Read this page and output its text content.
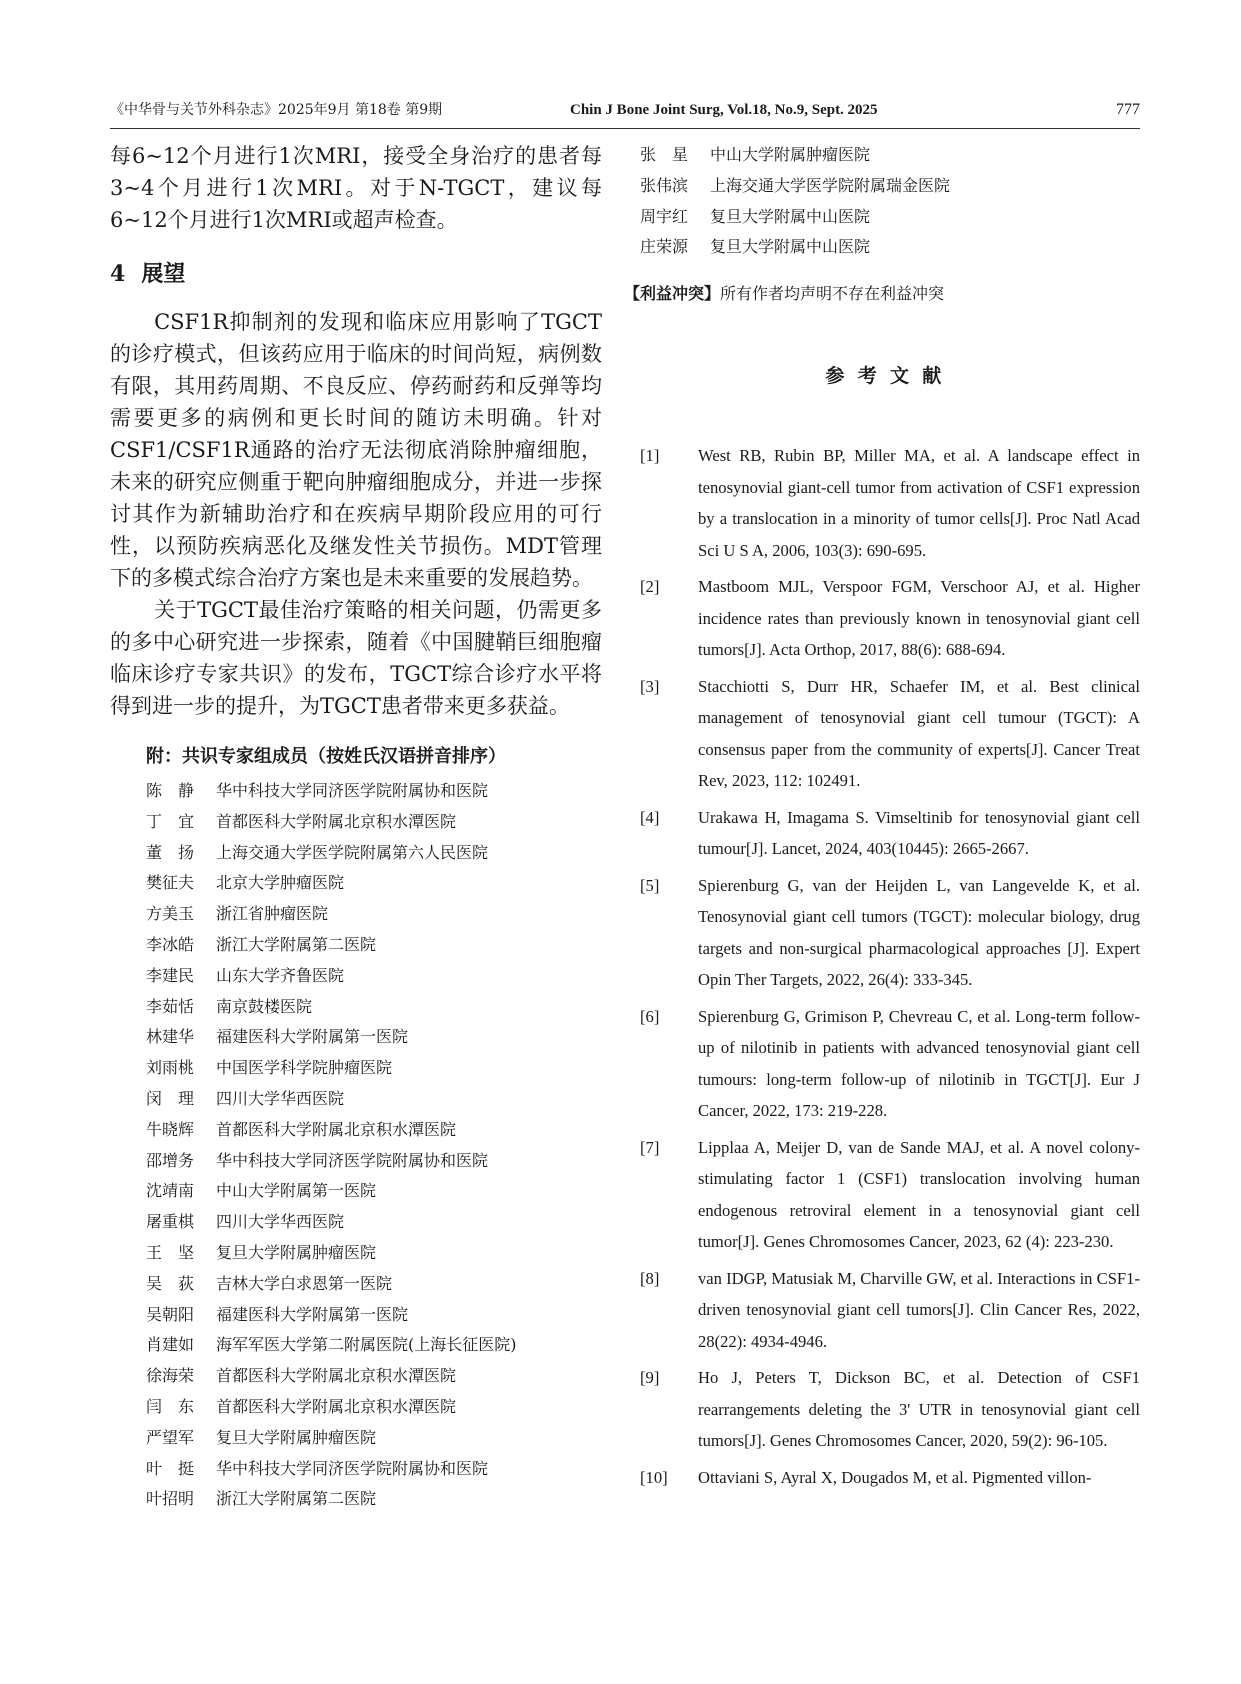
《中华骨与关节外科杂志》2025年9月 第18卷 第9期	Chin J Bone Joint Surg, Vol.18, No.9, Sept. 2025	777

每6~12个月进行1次MRI，接受全身治疗的患者每3~4个月进行1次MRI。对于N-TGCT，建议每6~12个月进行1次MRI或超声检查。

4 展望

CSF1R抑制剂的发现和临床应用影响了TGCT的诊疗模式，但该药应用于临床的时间尚短，病例数有限，其用药周期、不良反应、停药耐药和反弹等均需要更多的病例和更长时间的随访未明确。针对CSF1/CSF1R通路的治疗无法彻底消除肿瘤细胞，未来的研究应侧重于靶向肿瘤细胞成分，并进一步探讨其作为新辅助治疗和在疾病早期阶段应用的可行性，以预防疾病恶化及继发性关节损伤。MDT管理下的多模式综合治疗方案也是未来重要的发展趋势。

关于TGCT最佳治疗策略的相关问题，仍需更多的多中心研究进一步探索，随着《中国腱鞘巨细胞瘤临床诊疗专家共识》的发布，TGCT综合诊疗水平将得到进一步的提升，为TGCT患者带来更多获益。

附：共识专家组成员（按姓氏汉语拼音排序）
陈　静 华中科技大学同济医学院附属协和医院
丁　宜 首都医科大学附属北京积水潭医院
董　扬 上海交通大学医学院附属第六人民医院
樊征夫 北京大学肿瘤医院
方美玉 浙江省肿瘤医院
李冰皓 浙江大学附属第二医院
李建民 山东大学齐鲁医院
李茹恬 南京鼓楼医院
林建华 福建医科大学附属第一医院
刘雨桃 中国医学科学院肿瘤医院
闵　理 四川大学华西医院
牛晓辉 首都医科大学附属北京积水潭医院
邵增务 华中科技大学同济医学院附属协和医院
沈靖南 中山大学附属第一医院
屠重棋 四川大学华西医院
王　坚 复旦大学附属肿瘤医院
吴　荻 吉林大学白求恩第一医院
吴朝阳 福建医科大学附属第一医院
肖建如 海军军医大学第二附属医院(上海长征医院)
徐海荣 首都医科大学附属北京积水潭医院
闫　东 首都医科大学附属北京积水潭医院
严望军 复旦大学附属肿瘤医院
叶　挺 华中科技大学同济医学院附属协和医院
叶招明 浙江大学附属第二医院
张　星 中山大学附属肿瘤医院
张伟滨 上海交通大学医学院附属瑞金医院
周宇红 复旦大学附属中山医院
庄荣源 复旦大学附属中山医院
【利益冲突】所有作者均声明不存在利益冲突
参考文献
[1]	West RB, Rubin BP, Miller MA, et al. A landscape effect in tenosynovial giant-cell tumor from activation of CSF1 expression by a translocation in a minority of tumor cells[J]. Proc Natl Acad Sci U S A, 2006, 103(3): 690-695.
[2]	Mastboom MJL, Verspoor FGM, Verschoor AJ, et al. Higher incidence rates than previously known in tenosynovial giant cell tumors[J]. Acta Orthop, 2017, 88(6): 688-694.
[3]	Stacchiotti S, Durr HR, Schaefer IM, et al. Best clinical management of tenosynovial giant cell tumour (TGCT): A consensus paper from the community of experts[J]. Cancer Treat Rev, 2023, 112: 102491.
[4]	Urakawa H, Imagama S. Vimseltinib for tenosynovial giant cell tumour[J]. Lancet, 2024, 403(10445): 2665-2667.
[5]	Spierenburg G, van der Heijden L, van Langevelde K, et al. Tenosynovial giant cell tumors (TGCT): molecular biology, drug targets and non-surgical pharmacological approaches [J]. Expert Opin Ther Targets, 2022, 26(4): 333-345.
[6]	Spierenburg G, Grimison P, Chevreau C, et al. Long-term follow-up of nilotinib in patients with advanced tenosynovial giant cell tumours: long-term follow-up of nilotinib in TGCT[J]. Eur J Cancer, 2022, 173: 219-228.
[7]	Lipplaa A, Meijer D, van de Sande MAJ, et al. A novel colony-stimulating factor 1 (CSF1) translocation involving human endogenous retroviral element in a tenosynovial giant cell tumor[J]. Genes Chromosomes Cancer, 2023, 62 (4): 223-230.
[8]	van IDGP, Matusiak M, Charville GW, et al. Interactions in CSF1-driven tenosynovial giant cell tumors[J]. Clin Cancer Res, 2022, 28(22): 4934-4946.
[9]	Ho J, Peters T, Dickson BC, et al. Detection of CSF1 rearrangements deleting the 3' UTR in tenosynovial giant cell tumors[J]. Genes Chromosomes Cancer, 2020, 59(2): 96-105.
[10]	Ottaviani S, Ayral X, Dougados M, et al. Pigmented villon-
